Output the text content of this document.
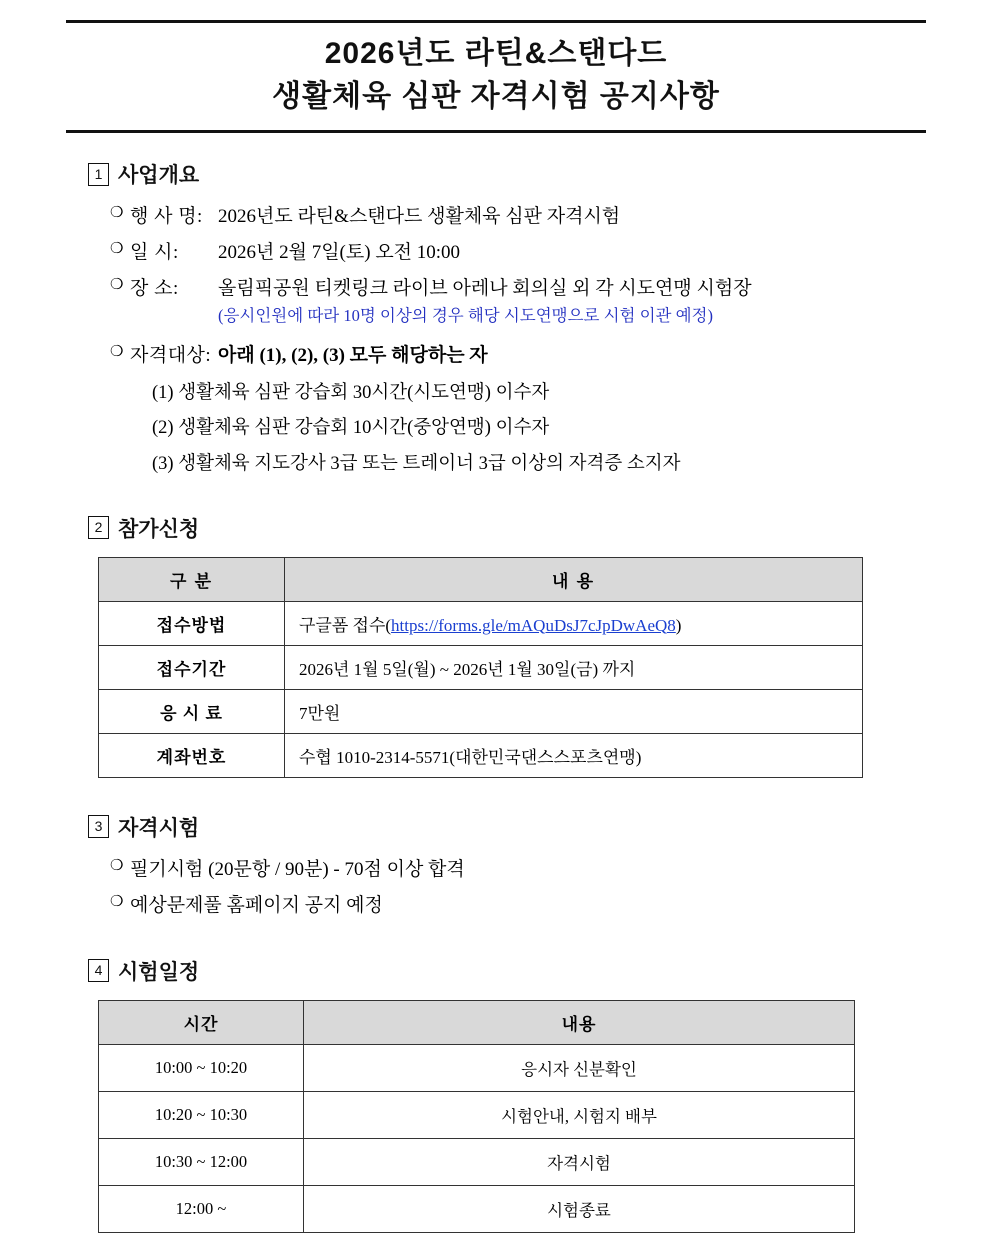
2026년도 라틴&스탠다드
생활체육 심판 자격시험 공지사항
1 사업개요
❍ 행 사 명: 2026년도 라틴&스탠다드 생활체육 심판 자격시험
❍ 일 시:	2026년 2월 7일(토) 오전 10:00
❍ 장 소:	올림픽공원 티켓링크 라이브 아레나 회의실 외 각 시도연맹 시험장
(응시인원에 따라 10명 이상의 경우 해당 시도연맹으로 시험 이관 예정)
❍ 자격대상: 아래 (1), (2), (3) 모두 해당하는 자
(1) 생활체육 심판 강습회 30시간(시도연맹) 이수자
(2) 생활체육 심판 강습회 10시간(중앙연맹) 이수자
(3) 생활체육 지도강사 3급 또는 트레이너 3급 이상의 자격증 소지자
2 참가신청
구 분	내 용
접수방법	구글폼 접수(https://forms.gle/mAQuDsJ7cJpDwAeQ8)
접수기간	2026년 1월 5일(월) ~ 2026년 1월 30일(금) 까지
응 시 료	7만원
계좌번호	수협 1010-2314-5571(대한민국댄스스포츠연맹)
3 자격시험
❍ 필기시험 (20문항 / 90분) - 70점 이상 합격
❍ 예상문제풀 홈페이지 공지 예정
4 시험일정
시간	내용
10:00 ~ 10:20	응시자 신분확인
10:20 ~ 10:30	시험안내, 시험지 배부
10:30 ~ 12:00	자격시험
12:00 ~	시험종료
